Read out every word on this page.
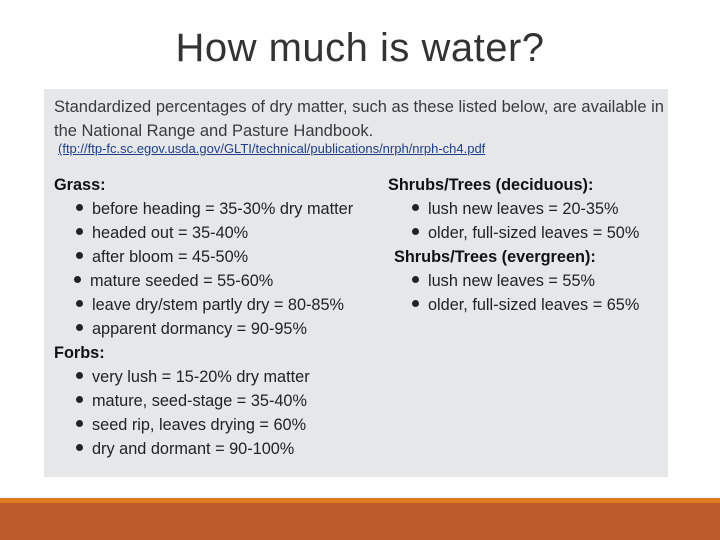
How much is water?
Standardized percentages of dry matter, such as these listed below, are available in the National Range and Pasture Handbook.
(ftp://ftp-fc.sc.egov.usda.gov/GLTI/technical/publications/nrph/nrph-ch4.pdf
Grass:
before heading = 35-30% dry matter
headed out = 35-40%
after bloom = 45-50%
mature seeded = 55-60%
leave dry/stem partly dry = 80-85%
apparent dormancy = 90-95%
Forbs:
very lush = 15-20% dry matter
mature, seed-stage = 35-40%
seed rip, leaves drying = 60%
dry and dormant = 90-100%
Shrubs/Trees (deciduous):
lush new leaves = 20-35%
older, full-sized leaves = 50%
Shrubs/Trees (evergreen):
lush new leaves = 55%
older, full-sized leaves = 65%
